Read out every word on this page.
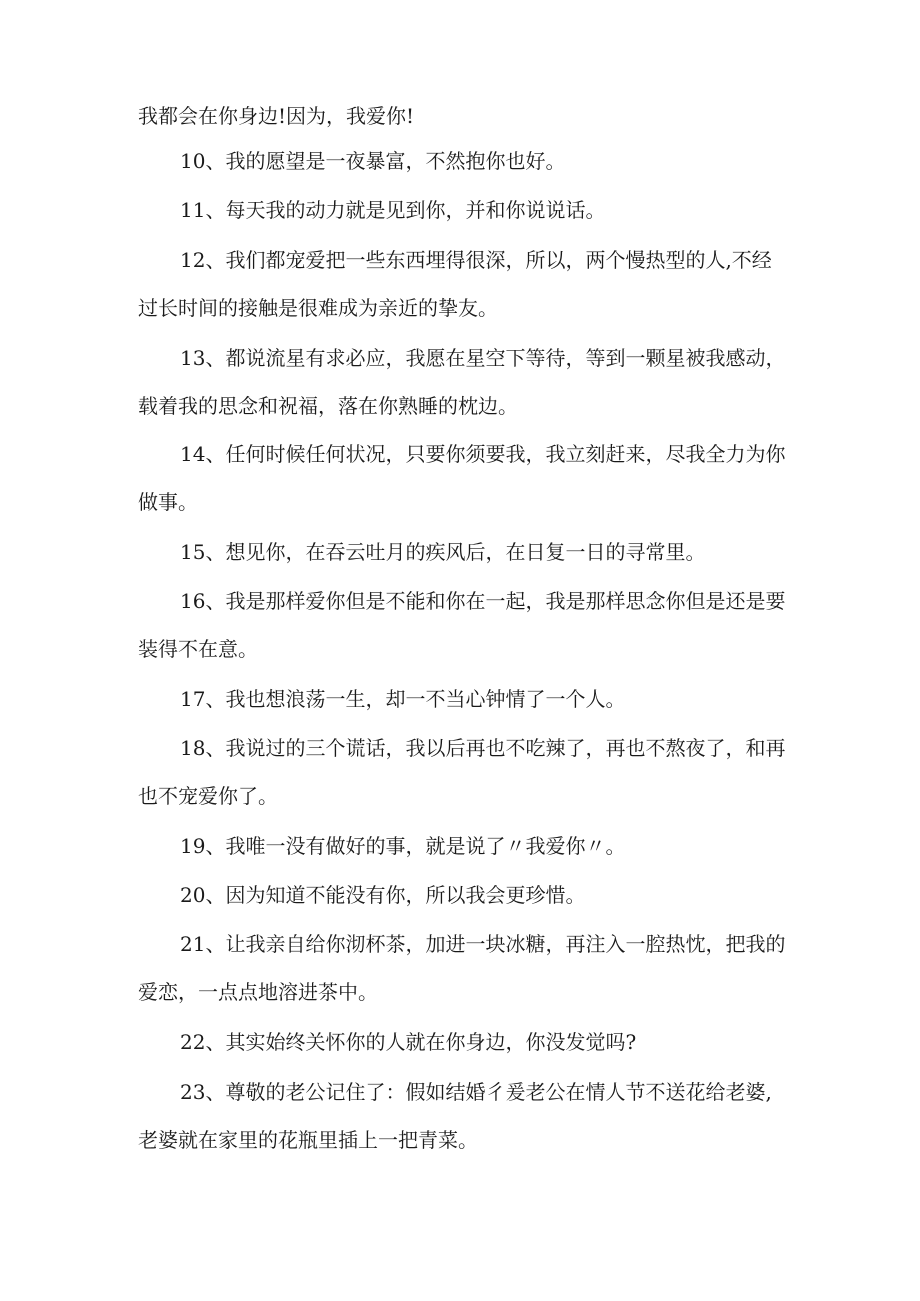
我都会在你身边!因为，我爱你!

10、我的愿望是一夜暴富，不然抱你也好。

11、每天我的动力就是见到你，并和你说说话。

12、我们都宠爱把一些东西埋得很深，所以，两个慢热型的人,不经
过长时间的接触是很难成为亲近的挚友。

13、都说流星有求必应，我愿在星空下等待，等到一颗星被我感动，
载着我的思念和祝福，落在你熟睡的枕边。

14、任何时候任何状况，只要你须要我，我立刻赶来，尽我全力为你
做事。

15、想见你，在吞云吐月的疾风后，在日复一日的寻常里。

16、我是那样爱你但是不能和你在一起，我是那样思念你但是还是要
装得不在意。

17、我也想浪荡一生，却一不当心钟情了一个人。

18、我说过的三个谎话，我以后再也不吃辣了，再也不熬夜了，和再
也不宠爱你了。

19、我唯一没有做好的事，就是说了〃我爱你〃。

20、因为知道不能没有你，所以我会更珍惜。

21、让我亲自给你沏杯茶，加进一块冰糖，再注入一腔热忱，把我的
爱恋，一点点地溶进茶中。

22、其实始终关怀你的人就在你身边，你没发觉吗?

23、尊敬的老公记住了：假如结婚彳爰老公在情人节不送花给老婆,
老婆就在家里的花瓶里插上一把青菜。
